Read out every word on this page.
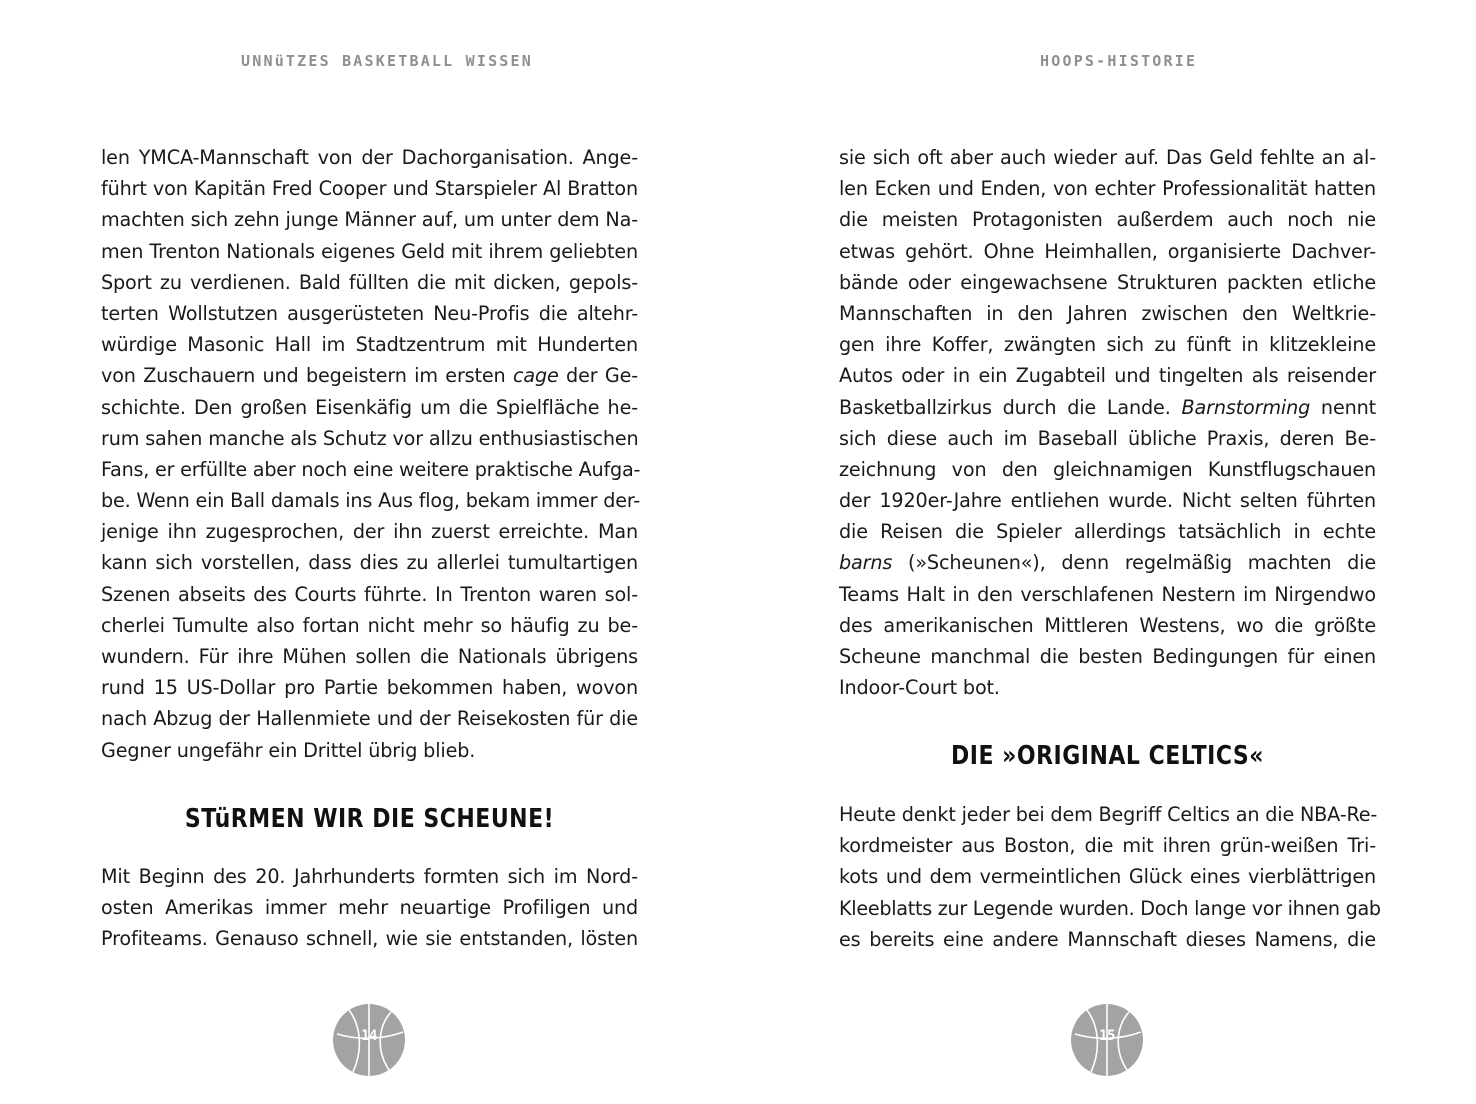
UNNüTZES BASKETBALL WISSEN
len YMCA-Mannschaft von der Dachorganisation. Ange-
führt von Kapitän Fred Cooper und Starspieler Al Bratton
machten sich zehn junge Männer auf, um unter dem Na-
men Trenton Nationals eigenes Geld mit ihrem geliebten
Sport zu verdienen. Bald füllten die mit dicken, gepols-
terten Wollstutzen ausgerüsteten Neu-Profis die altehr-
würdige Masonic Hall im Stadtzentrum mit Hunderten
von Zuschauern und begeistern im ersten cage der Ge-
schichte. Den großen Eisenkäfig um die Spielfläche he-
rum sahen manche als Schutz vor allzu enthusiastischen
Fans, er erfüllte aber noch eine weitere praktische Aufga-
be. Wenn ein Ball damals ins Aus flog, bekam immer der-
jenige ihn zugesprochen, der ihn zuerst erreichte. Man
kann sich vorstellen, dass dies zu allerlei tumultartigen
Szenen abseits des Courts führte. In Trenton waren sol-
cherlei Tumulte also fortan nicht mehr so häufig zu be-
wundern. Für ihre Mühen sollen die Nationals übrigens
rund 15 US-Dollar pro Partie bekommen haben, wovon
nach Abzug der Hallenmiete und der Reisekosten für die
Gegner ungefähr ein Drittel übrig blieb.
STüRMEN WIR DIE SCHEUNE!
Mit Beginn des 20. Jahrhunderts formten sich im Nord-
osten Amerikas immer mehr neuartige Profiligen und
Profiteams. Genauso schnell, wie sie entstanden, lösten
14
HOOPS-HISTORIE
sie sich oft aber auch wieder auf. Das Geld fehlte an al-
len Ecken und Enden, von echter Professionalität hatten
die meisten Protagonisten außerdem auch noch nie
etwas gehört. Ohne Heimhallen, organisierte Dachver-
bände oder eingewachsene Strukturen packten etliche
Mannschaften in den Jahren zwischen den Weltkrie-
gen ihre Koffer, zwängten sich zu fünft in klitzekleine
Autos oder in ein Zugabteil und tingelten als reisender
Basketballzirkus durch die Lande. Barnstorming nennt
sich diese auch im Baseball übliche Praxis, deren Be-
zeichnung von den gleichnamigen Kunstflugschauen
der 1920er-Jahre entliehen wurde. Nicht selten führten
die Reisen die Spieler allerdings tatsächlich in echte
barns (»Scheunen«), denn regelmäßig machten die
Teams Halt in den verschlafenen Nestern im Nirgendwo
des amerikanischen Mittleren Westens, wo die größte
Scheune manchmal die besten Bedingungen für einen
Indoor-Court bot.
DIE »ORIGINAL CELTICS«
Heute denkt jeder bei dem Begriff Celtics an die NBA-Re-
kordmeister aus Boston, die mit ihren grün-weißen Tri-
kots und dem vermeintlichen Glück eines vierblättrigen
Kleeblatts zur Legende wurden. Doch lange vor ihnen gab
es bereits eine andere Mannschaft dieses Namens, die
15
